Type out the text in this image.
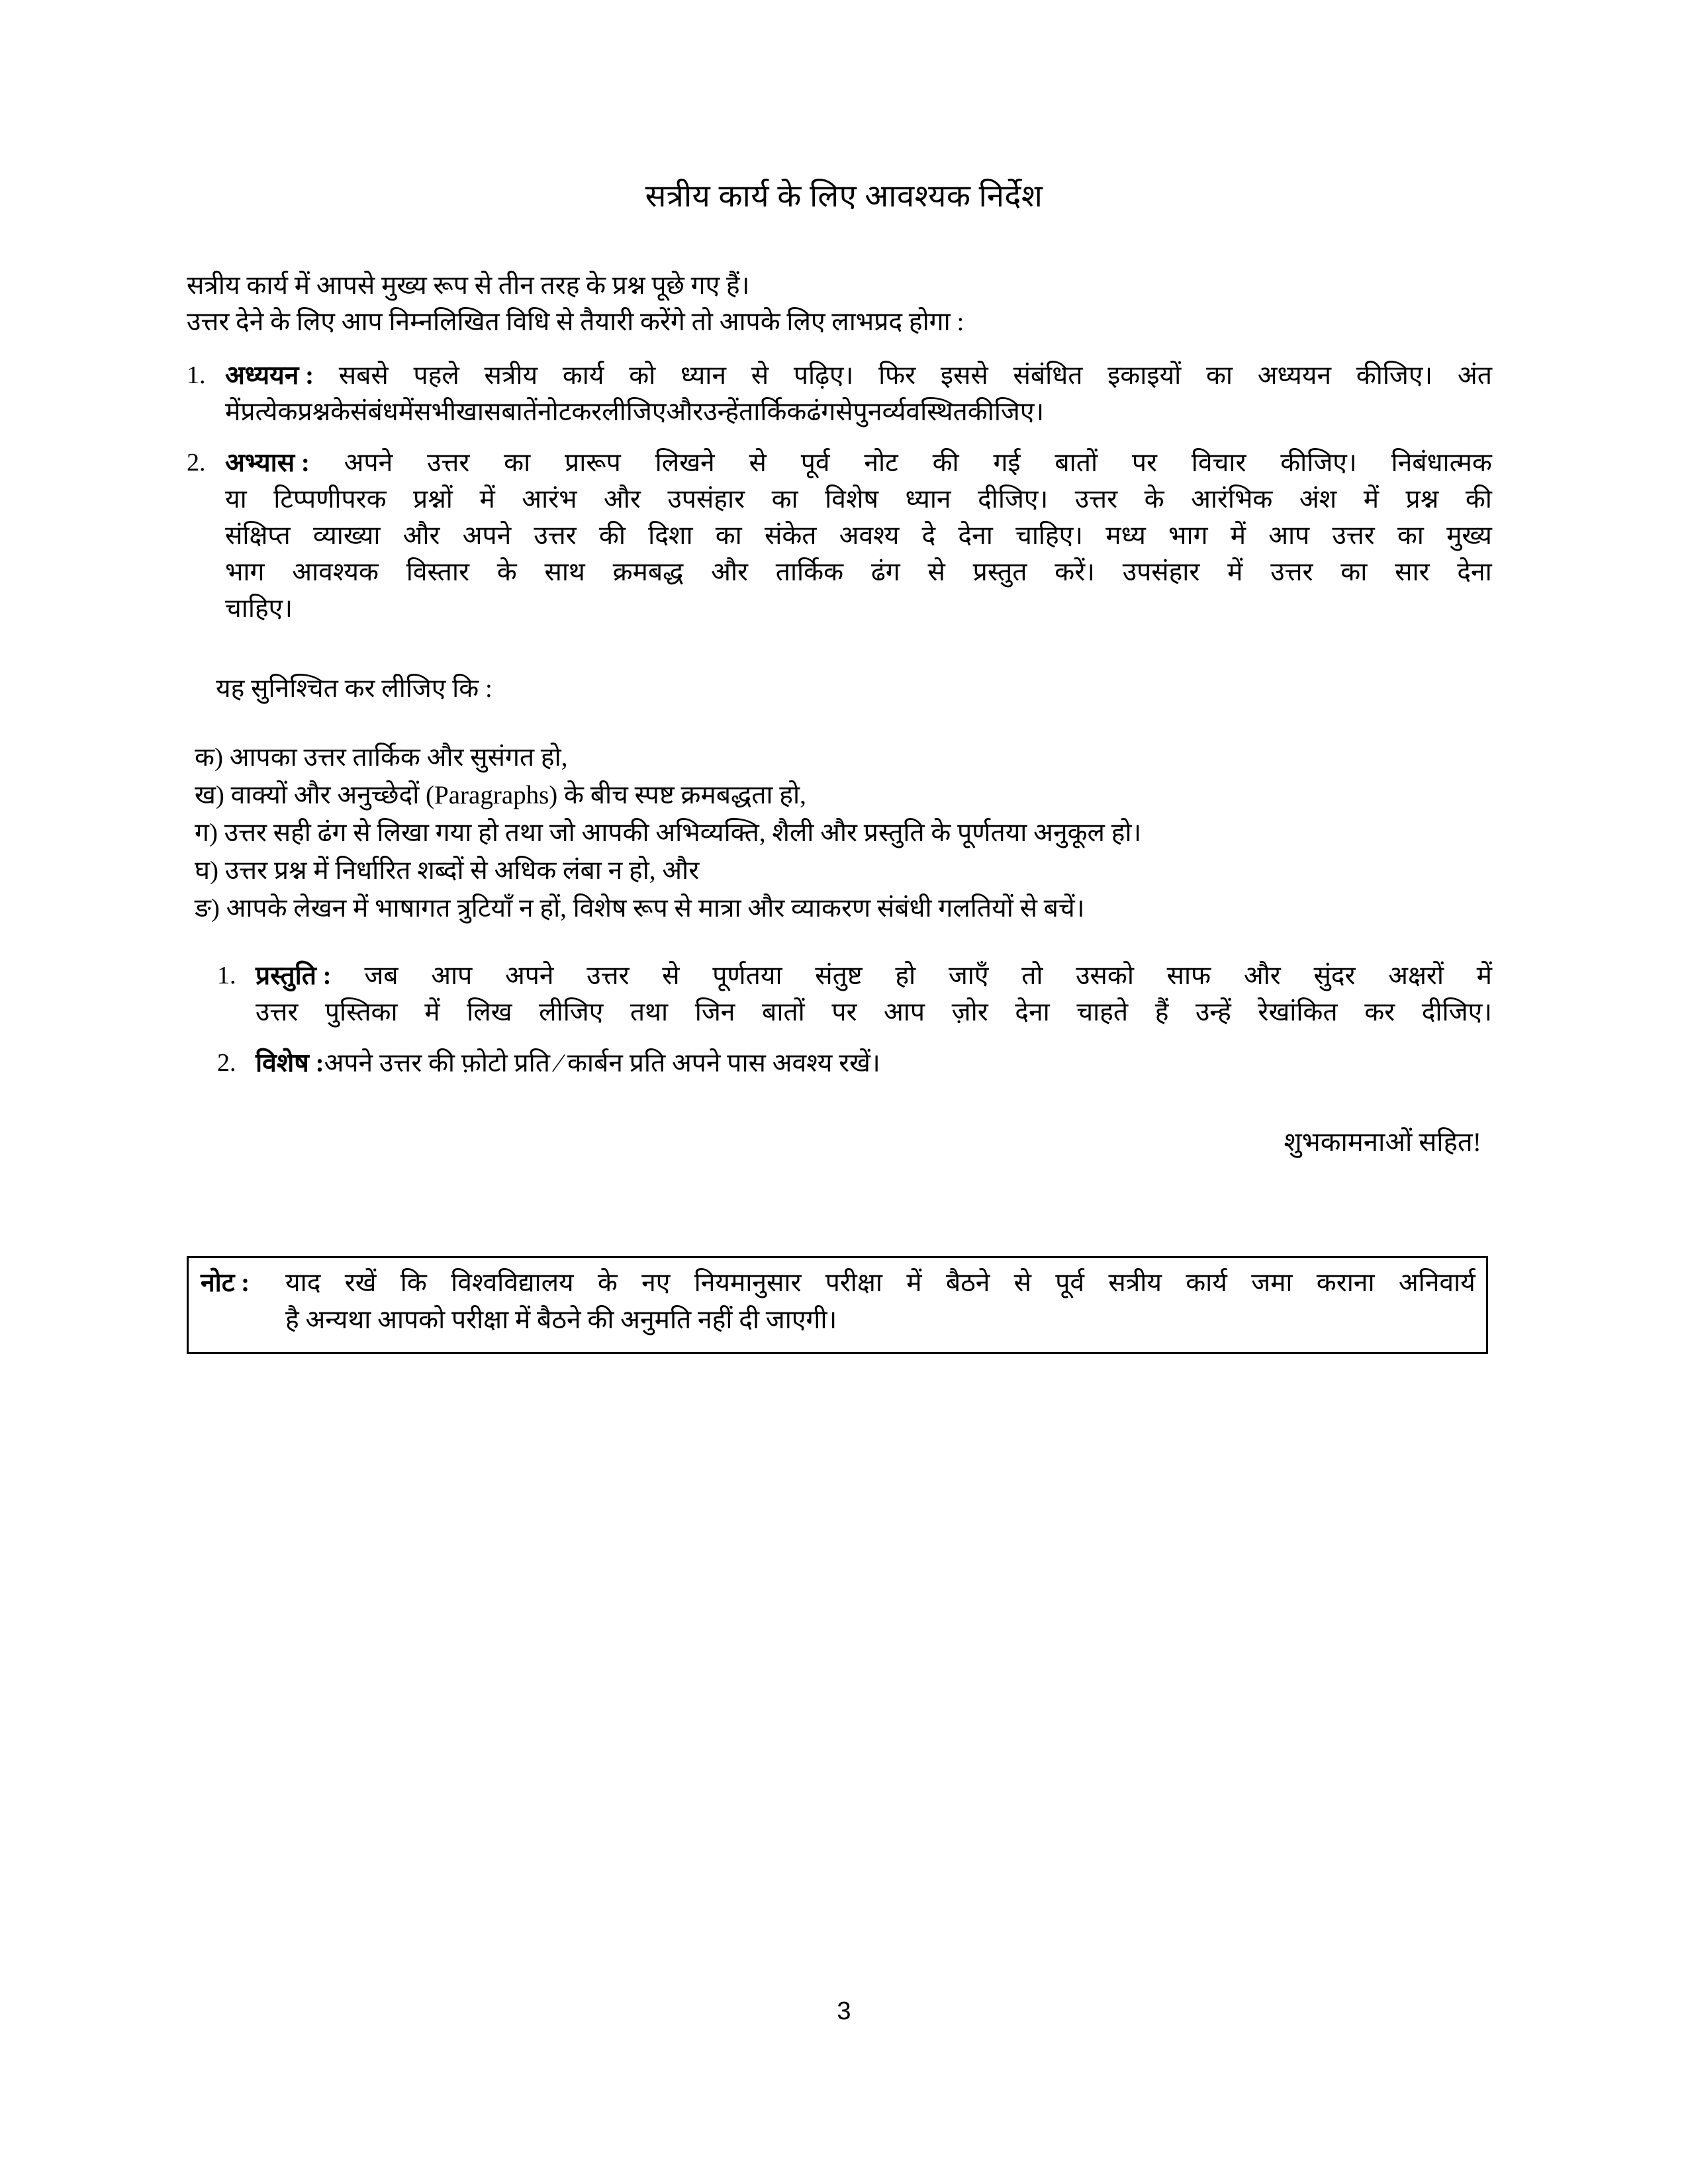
सत्रीय कार्य के लिए आवश्यक निर्देश
सत्रीय कार्य में आपसे मुख्य रूप से तीन तरह के प्रश्न पूछे गए हैं।
उत्तर देने के लिए आप निम्नलिखित विधि से तैयारी करेंगे तो आपके लिए लाभप्रद होगा :
1. अध्ययन : सबसे पहले सत्रीय कार्य को ध्यान से पढ़िए। फिर इससे संबंधित इकाइयों का अध्ययन कीजिए। अंत
मेंप्रत्येकप्रश्नकेसंबंधमेंसभीखासबातेंनोटकरलीजिएऔरउन्हेंतार्किकढंगसेपुनर्व्यवस्थितकीजिए।
2. अभ्यास : अपने उत्तर का प्रारूप लिखने से पूर्व नोट की गई बातों पर विचार कीजिए। निबंधात्मक
या टिप्पणीपरक प्रश्नों में आरंभ और उपसंहार का विशेष ध्यान दीजिए। उत्तर के आरंभिक अंश में प्रश्न की
संक्षिप्त व्याख्या और अपने उत्तर की दिशा का संकेत अवश्य दे देना चाहिए। मध्य भाग में आप उत्तर का मुख्य
भाग आवश्यक विस्तार के साथ क्रमबद्ध और तार्किक ढंग से प्रस्तुत करें। उपसंहार में उत्तर का सार देना
चाहिए।
यह सुनिश्चित कर लीजिए कि :
क) आपका उत्तर तार्किक और सुसंगत हो,
ख) वाक्यों और अनुच्छेदों (Paragraphs) के बीच स्पष्ट क्रमबद्धता हो,
ग) उत्तर सही ढंग से लिखा गया हो तथा जो आपकी अभिव्यक्ति, शैली और प्रस्तुति के पूर्णतया अनुकूल हो।
घ) उत्तर प्रश्न में निर्धारित शब्दों से अधिक लंबा न हो, और
ङ) आपके लेखन में भाषागत त्रुटियाँ न हों, विशेष रूप से मात्रा और व्याकरण संबंधी गलतियों से बचें।
1. प्रस्तुति : जब आप अपने उत्तर से पूर्णतया संतुष्ट हो जाएँ तो उसको साफ और सुंदर अक्षरों में
उत्तर पुस्तिका में लिख लीजिए तथा जिन बातों पर आप ज़ोर देना चाहते हैं उन्हें रेखांकित कर दीजिए।
2. विशेष :अपने उत्तर की फ़ोटो प्रति ⁄ कार्बन प्रति अपने पास अवश्य रखें।
शुभकामनाओं सहित!
नोट :	याद रखें कि विश्वविद्यालय के नए नियमानुसार परीक्षा में बैठने से पूर्व सत्रीय कार्य जमा कराना अनिवार्य
है अन्यथा आपको परीक्षा में बैठने की अनुमति नहीं दी जाएगी।
3
